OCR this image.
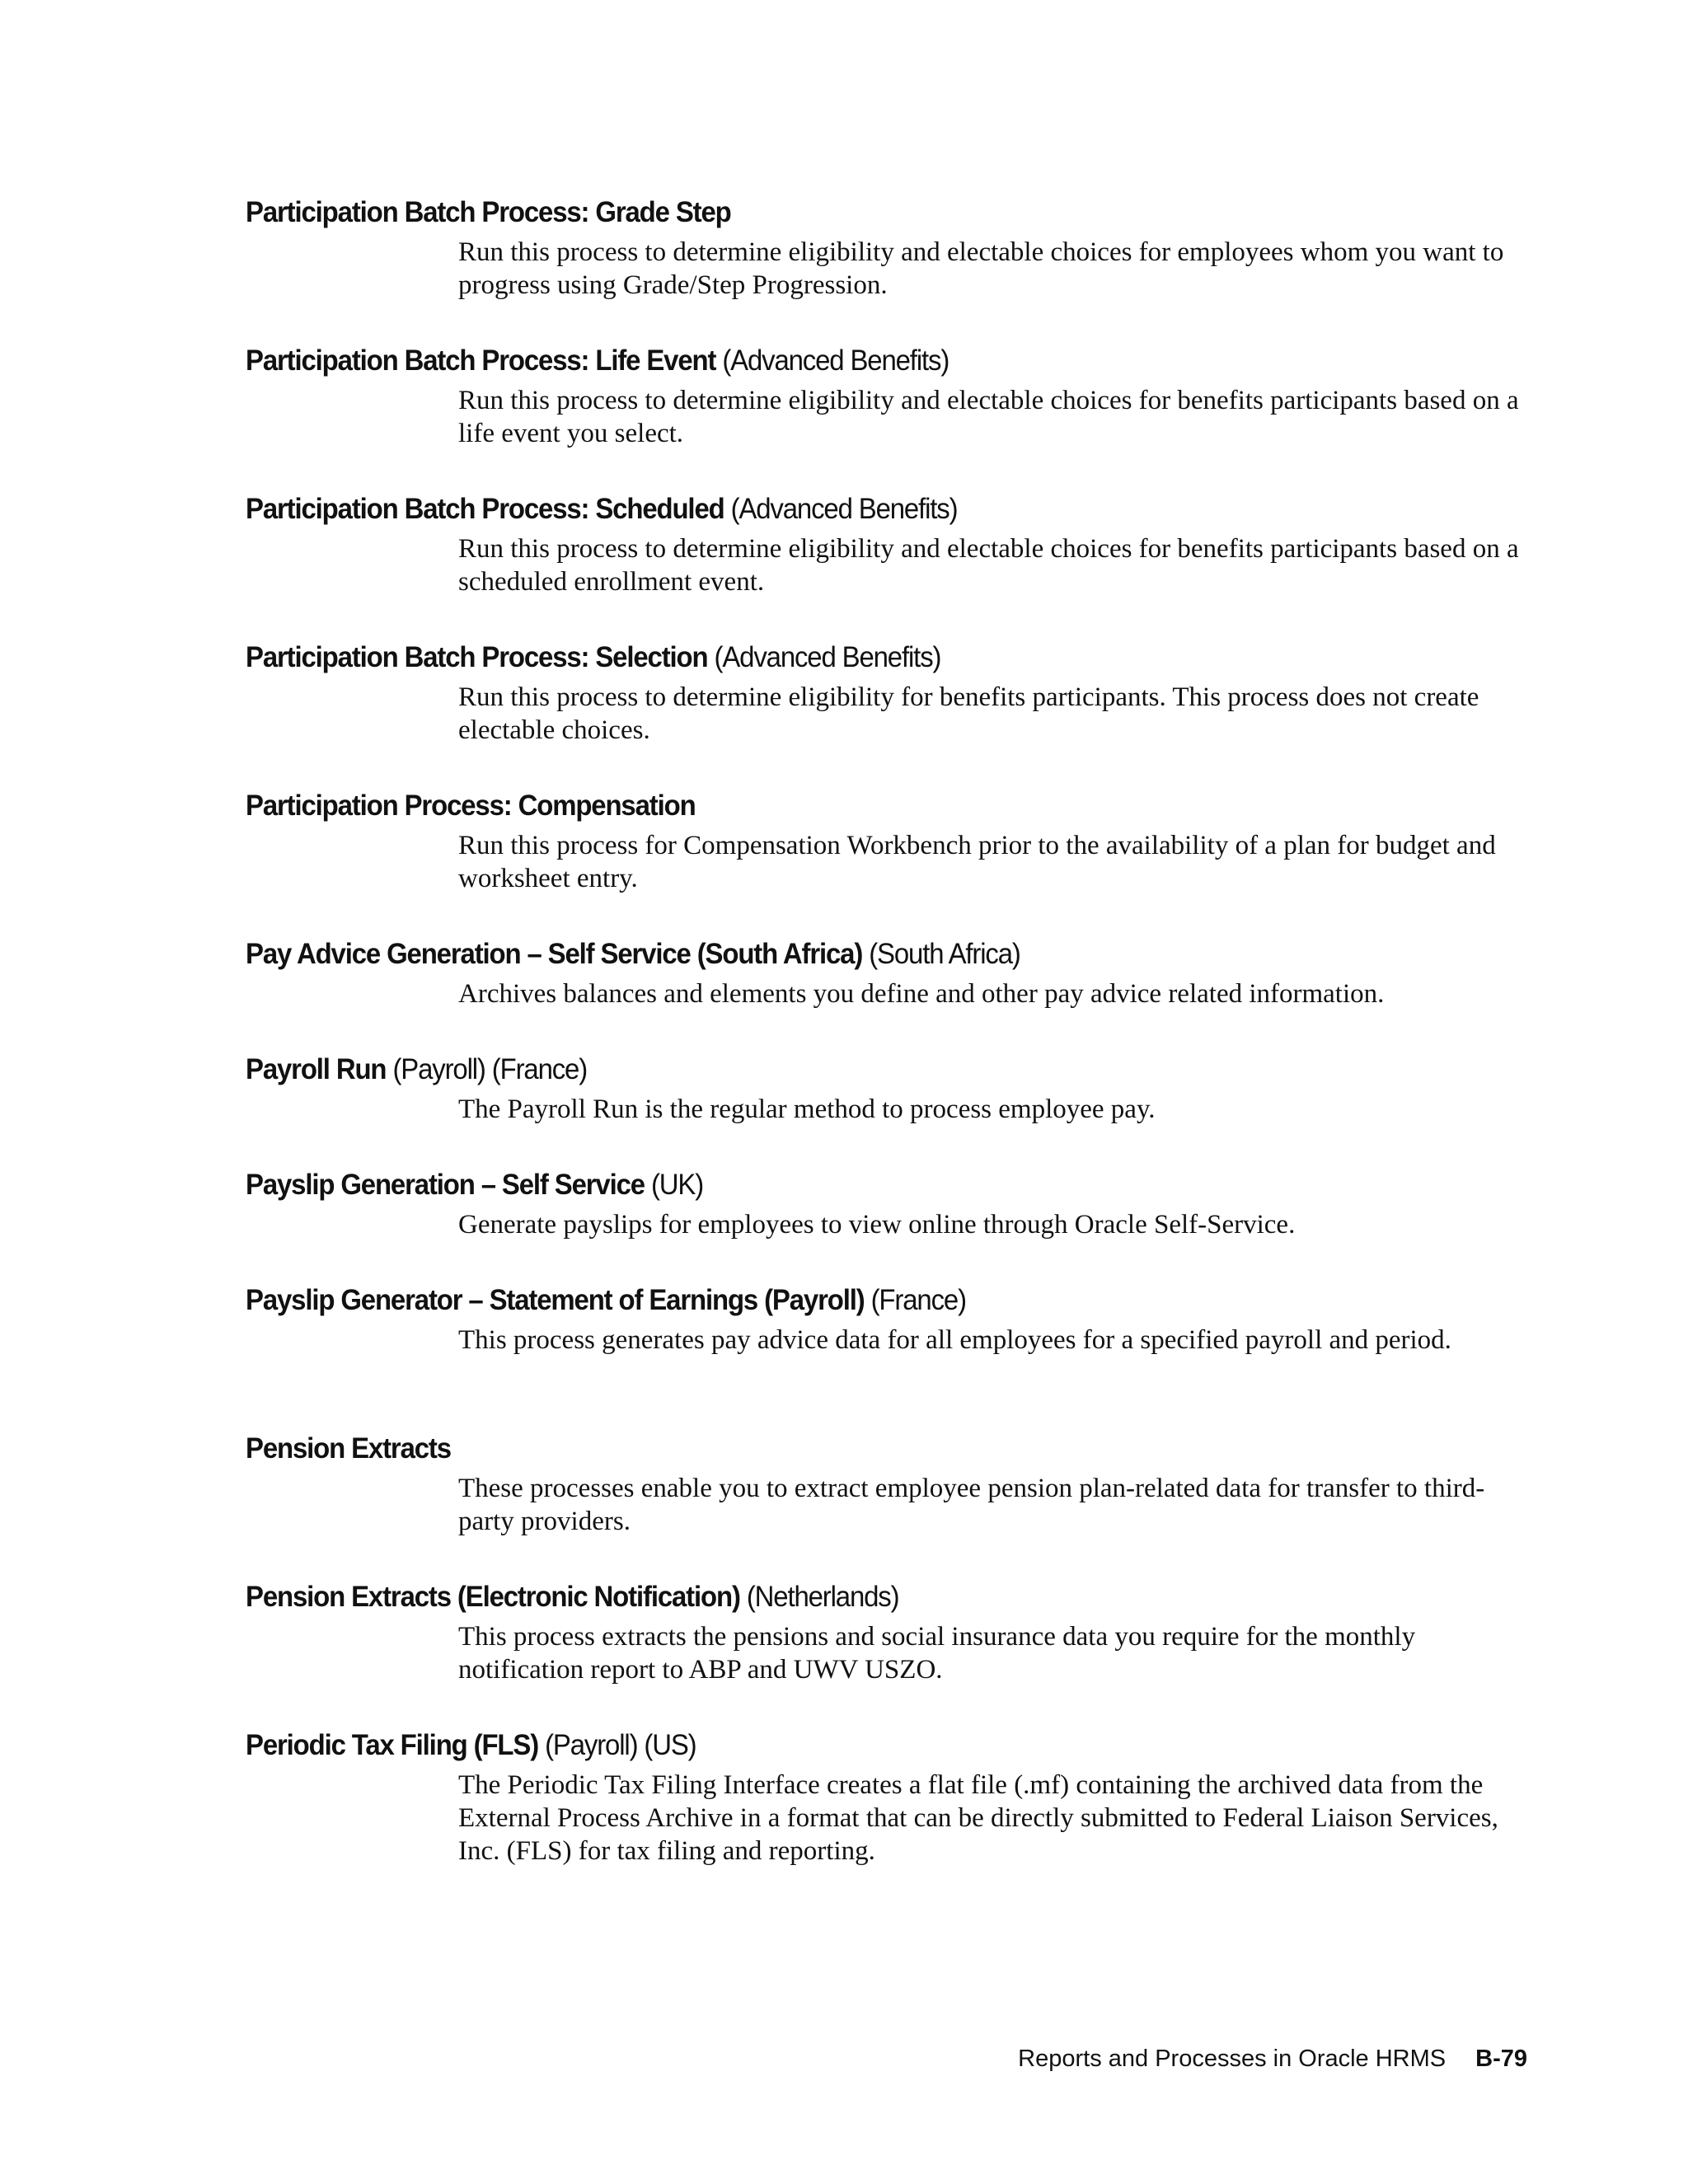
Participation Batch Process: Grade Step

Run this process to determine eligibility and electable choices for employees whom you want to progress using Grade/Step Progression.

Participation Batch Process: Life Event (Advanced Benefits)

Run this process to determine eligibility and electable choices for benefits participants based on a life event you select.

Participation Batch Process: Scheduled (Advanced Benefits)

Run this process to determine eligibility and electable choices for benefits participants based on a scheduled enrollment event.

Participation Batch Process: Selection (Advanced Benefits)

Run this process to determine eligibility for benefits participants. This process does not create electable choices.

Participation Process: Compensation

Run this process for Compensation Workbench prior to the availability of a plan for budget and worksheet entry.

Pay Advice Generation – Self Service (South Africa) (South Africa)

Archives balances and elements you define and other pay advice related information.

Payroll Run (Payroll) (France)

The Payroll Run is the regular method to process employee pay.

Payslip Generation – Self Service (UK)

Generate payslips for employees to view online through Oracle Self-Service.

Payslip Generator – Statement of Earnings (Payroll) (France)

This process generates pay advice data for all employees for a specified payroll and period.

Pension Extracts

These processes enable you to extract employee pension plan-related data for transfer to third-party providers.

Pension Extracts (Electronic Notification) (Netherlands)

This process extracts the pensions and social insurance data you require for the monthly notification report to ABP and UWV USZO.

Periodic Tax Filing (FLS) (Payroll) (US)

The Periodic Tax Filing Interface creates a flat file (.mf) containing the archived data from the External Process Archive in a format that can be directly submitted to Federal Liaison Services, Inc. (FLS) for tax filing and reporting.
Reports and Processes in Oracle HRMS B-79
